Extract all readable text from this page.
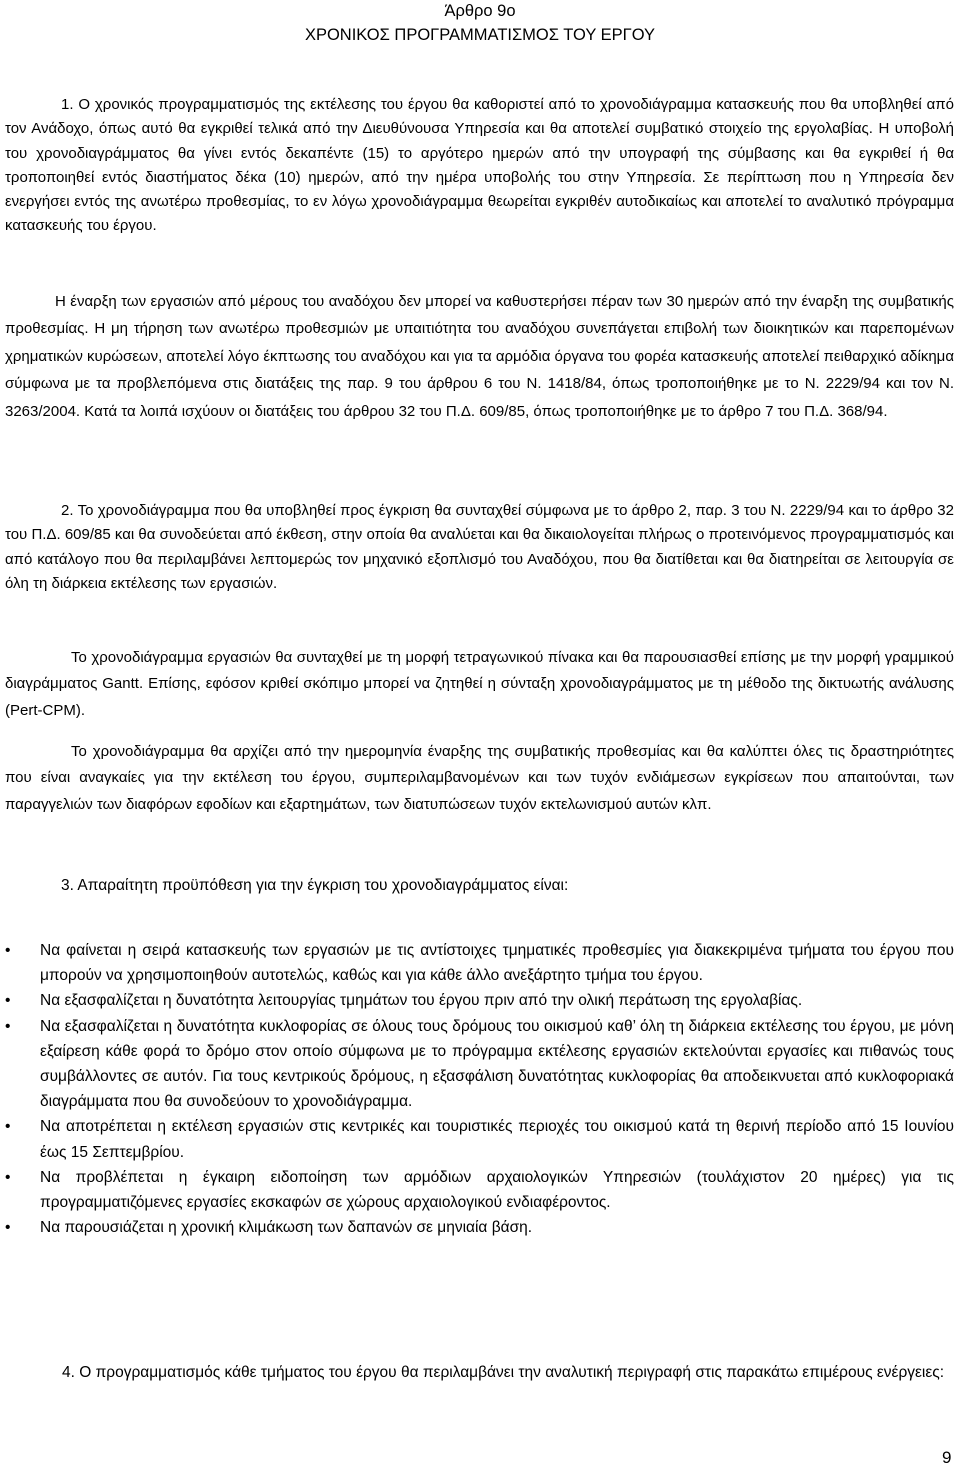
Άρθρο 9ο
ΧΡΟΝΙΚΟΣ ΠΡΟΓΡΑΜΜΑΤΙΣΜΟΣ ΤΟΥ ΕΡΓΟΥ
1. Ο χρονικός προγραμματισμός της εκτέλεσης του έργου θα καθοριστεί από το χρονοδιάγραμμα κατασκευής που θα υποβληθεί από τον Ανάδοχο, όπως αυτό θα εγκριθεί τελικά από την Διευθύνουσα Υπηρεσία και θα αποτελεί συμβατικό στοιχείο της εργολαβίας. Η υποβολή του χρονοδιαγράμματος θα γίνει εντός δεκαπέντε (15) το αργότερο ημερών από την υπογραφή της σύμβασης και θα εγκριθεί ή θα τροποποιηθεί εντός διαστήματος δέκα (10) ημερών, από την ημέρα υποβολής του στην Υπηρεσία. Σε περίπτωση που η Υπηρεσία δεν ενεργήσει εντός της ανωτέρω προθεσμίας, το εν λόγω χρονοδιάγραμμα θεωρείται εγκριθέν αυτοδικαίως και αποτελεί το αναλυτικό πρόγραμμα κατασκευής του έργου.
Η έναρξη των εργασιών από μέρους του αναδόχου δεν μπορεί να καθυστερήσει πέραν των 30 ημερών από την έναρξη της συμβατικής προθεσμίας. Η μη τήρηση των ανωτέρω προθεσμιών με υπαιτιότητα του αναδόχου συνεπάγεται επιβολή των διοικητικών και παρεπομένων χρηματικών κυρώσεων, αποτελεί λόγο έκπτωσης του αναδόχου και για τα αρμόδια όργανα του φορέα κατασκευής αποτελεί πειθαρχικό αδίκημα σύμφωνα με τα προβλεπόμενα στις διατάξεις της παρ. 9 του άρθρου 6 του Ν. 1418/84, όπως τροποποιήθηκε με το Ν. 2229/94 και τον Ν. 3263/2004. Κατά τα λοιπά ισχύουν οι διατάξεις του άρθρου 32 του Π.Δ. 609/85, όπως τροποποιήθηκε με το άρθρο 7 του Π.Δ. 368/94.
2. Το χρονοδιάγραμμα που θα υποβληθεί προς έγκριση θα συνταχθεί σύμφωνα με το άρθρο 2, παρ. 3 του Ν. 2229/94 και το άρθρο 32 του Π.Δ. 609/85 και θα συνοδεύεται από έκθεση, στην οποία θα αναλύεται και θα δικαιολογείται πλήρως ο προτεινόμενος προγραμματισμός και από κατάλογο που θα περιλαμβάνει λεπτομερώς τον μηχανικό εξοπλισμό του Αναδόχου, που θα διατίθεται και θα διατηρείται σε λειτουργία σε όλη τη διάρκεια εκτέλεσης των εργασιών.
Το χρονοδιάγραμμα εργασιών θα συνταχθεί με τη μορφή τετραγωνικού πίνακα και θα παρουσιασθεί επίσης με την μορφή γραμμικού διαγράμματος Gantt. Επίσης, εφόσον κριθεί σκόπιμο μπορεί να ζητηθεί η σύνταξη χρονοδιαγράμματος με τη μέθοδο της δικτυωτής ανάλυσης (Pert-CPM).
Το χρονοδιάγραμμα θα αρχίζει από την ημερομηνία έναρξης της συμβατικής προθεσμίας και θα καλύπτει όλες τις δραστηριότητες που είναι αναγκαίες για την εκτέλεση του έργου, συμπεριλαμβανομένων και των τυχόν ενδιάμεσων εγκρίσεων που απαιτούνται, των παραγγελιών των διαφόρων εφοδίων και εξαρτημάτων, των διατυπώσεων τυχόν εκτελωνισμού αυτών κλπ.
3. Απαραίτητη προϋπόθεση για την έγκριση του χρονοδιαγράμματος είναι:
•	Να φαίνεται η σειρά κατασκευής των εργασιών με τις αντίστοιχες τμηματικές προθεσμίες για διακεκριμένα τμήματα του έργου που μπορούν να χρησιμοποιηθούν αυτοτελώς, καθώς και για κάθε άλλο ανεξάρτητο τμήμα του έργου.
•	Να εξασφαλίζεται η δυνατότητα λειτουργίας τμημάτων του έργου πριν από την ολική περάτωση της εργολαβίας.
•	Να εξασφαλίζεται η δυνατότητα κυκλοφορίας σε όλους τους δρόμους του οικισμού καθ’ όλη τη διάρκεια εκτέλεσης του έργου, με μόνη εξαίρεση κάθε φορά το δρόμο στον οποίο σύμφωνα με το πρόγραμμα εκτέλεσης εργασιών εκτελούνται εργασίες και πιθανώς τους συμβάλλοντες σε αυτόν. Για τους κεντρικούς δρόμους, η εξασφάλιση δυνατότητας κυκλοφορίας θα αποδεικνυεται από κυκλοφοριακά διαγράμματα που θα συνοδεύουν το χρονοδιάγραμμα.
•	Να αποτρέπεται η εκτέλεση εργασιών στις κεντρικές και τουριστικές περιοχές του οικισμού κατά τη θερινή περίοδο από 15 Ιουνίου έως 15 Σεπτεμβρίου.
•	Να προβλέπεται η έγκαιρη ειδοποίηση των αρμόδιων αρχαιολογικών Υπηρεσιών (τουλάχιστον 20 ημέρες) για τις προγραμματιζόμενες εργασίες εκσκαφών σε χώρους αρχαιολογικού ενδιαφέροντος.
•	Να παρουσιάζεται η χρονική κλιμάκωση των δαπανών σε μηνιαία βάση.
4. Ο προγραμματισμός κάθε τμήματος του έργου θα περιλαμβάνει την αναλυτική περιγραφή στις παρακάτω επιμέρους ενέργειες:
9
